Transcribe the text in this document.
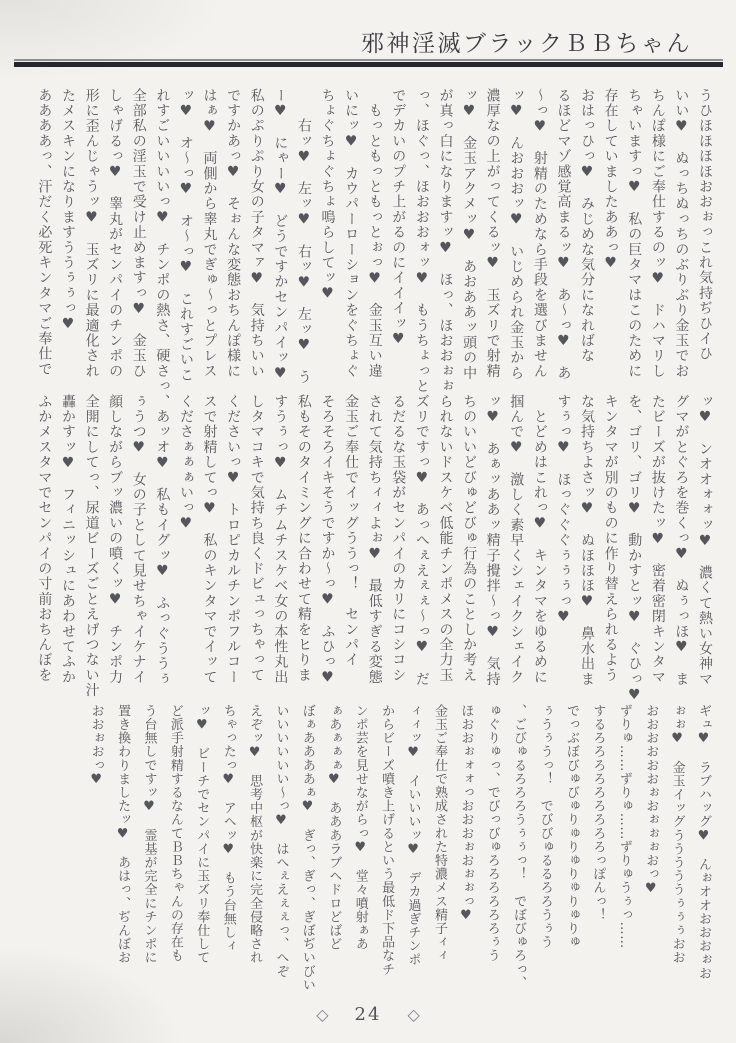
邪神淫滅ブラックＢＢちゃん

うひほほほほおおぉっこれ気持ぢひイひ

いい♥　ぬっちぬっちのぶりぶり金玉でお

ちんぽ様にご奉仕するのッ♥　ドハマリし

ちゃいますっ♥　私の巨タマはこのために

存在していましたああっ♥

おはっひっ♥　みじめな気分になればな

るほどマゾ感覚高まるッ♥　あ～っ♥　あ

～っ♥　射精のためなら手段を選びません

ッ♥　んおおおッ♥　いじめられ金玉から

濃厚なの上がってくるッ♥　玉ズリで射精

ッ♥　金玉アクメッ♥　あおああッ頭の中

が真っ白になりますッ♥　ほっ、ほおおぉぉ

っ、ほぐっ、ほおおおォッ♥　もうちょっと

でデカいのプチ上がるのにイイイッ♥

　もっともっともっとぉっ♥　金玉互い違

いにッ♥　カウパーローションをぐちょぐ

ちょぐちょぐちょ鳴らしてッ♥

　　右ッ♥　左ッ♥　右ッ♥　左ッ♥　う

ー♥　にゃー♥　どうですかセンパイッ♥

私のぷりぷり女の子タマァ♥　気持ちいい

ですかあっ♥　そぉんな変態おちんぽ様に

はぁ♥　両側から睾丸でぎゅ～っとプレス

ッ♥　オ～っ♥　オ～っ♥　これすごいこ

れすごいいいいっ♥　チンポの熱さ、硬さっ、

全部私の淫玉で受け止めますっ♥　金玉ひ

しゃげるっ♥　睾丸がセンパイのチンポの

形に歪んじゃうッ♥　玉ズリに最適化され

たメスキンになりますううぅぅっ♥

ああああっ、汗だく必死キンタマご奉仕で

ッ♥　ンオオォォッ♥　濃くて熱い女神マ

グマがとぐろを巻くっ♥　ぬぅっほ♥　ま

たビーズが抜けたッ♥　密着密閉キンタマ

を、ゴリ、ゴリ♥　動かすとッ♥　ぐひっ♥

キンタマが別のものに作り替えられるよう

な気持ちよさッ♥　ぬほほほ♥　鼻水出ま

すぅっ♥　ほっぐぐぐぅぅぅっ♥

　とどめはこれっ♥　キンタマをゆるめに

掴んで♥　激しく素早くシェイクシェイク

ッ♥　あぁッああッ精子攪拌～っ♥　気持

ちのいいどびゅどびゅ行為のことしか考え

られないドスケベ低能チンポメスの全力玉

ズリですっ♥　あっへぇえぇぇ～っ♥　だ

るだるな玉袋がセンパイのカリにコシコシ

されて気持ちィィよぉ♥　最低すぎる変態

金玉ご奉仕でイッグううっ！　センパイ

そろそろイキそうですか～っ♥　ふひっ♥

私もそのタイミングに合わせて精をヒりま

すうぅっ♥　ムチムチスケベ女の本性丸出

しタマコキで気持ち良くドビュっちゃって

くださいっ♥　トロピカルチンポフルコー

スで射精してっ♥　私のキンタマでイッて

くださぁぁぁいっ♥

　あッオ♥　私もイグッ♥　ふっぐううぅ

ぅうつ♥　女の子として見せちゃイケナイ

顔しながらブッ濃いの噴くッ♥　チンポ力

全開にしてっ、尿道ビーズごとえげつない汁

轟かすッ♥　フィニッシュにあわせてふか

ふかメスタマでセンパイの寸前おちんぼを

ギュ♥　ラブハッグ♥　んぉオオおおおぉお

ぉぉ♥　金玉イッグうううううぅぅぅおお

おおおおおおぉおぉぉぉおっ♥

ずりゅ……ずりゅ……ずりゅうぅっ……

するろろろろろろろろろっぽんっ！

でっぶぼびゅびゅりゅりゅりゅりゅりゅ

ぅうぅうっ！　でびびゅるるろろうぅう

、ごびゅるろろろうぅぅっ！　でぼびゅろっ、

ゅぐりゅっ、でびっびゅろろろろろろぅう

ほおおぉォォっおおおぉおぉぉっ♥

金玉ご奉仕で熟成された特濃メス精子ィィ

ィィッ♥　イいいいッ♥　デカ過ぎチンポ

からビーズ噴き上げるという最低ド下品なチ

ンポ芸を見せながらっ♥　堂々噴射ぁあ

ぁあぁぁぁ♥　あああラブヘドロどばど

ぼぁああああぁ♥　ぎっ、ぎっ、ぎぼぢいびい

いいいいいい～っ♥　はへぇえぇぇっ、へぞ

えぞッ♥　思考中枢が快楽に完全侵略され

ちゃったっ♥　アヘッ♥　もう台無しィ

ッ♥　ビーチでセンパイに玉ズリ奉仕して

ど派手射精するなんてＢＢちゃんの存在も

う台無しですッ♥　霊基が完全にチンポに

置き換わりましたッ♥　あはっ、ぢんぼお

おおぉおっ♥

◇ 24 ◇
